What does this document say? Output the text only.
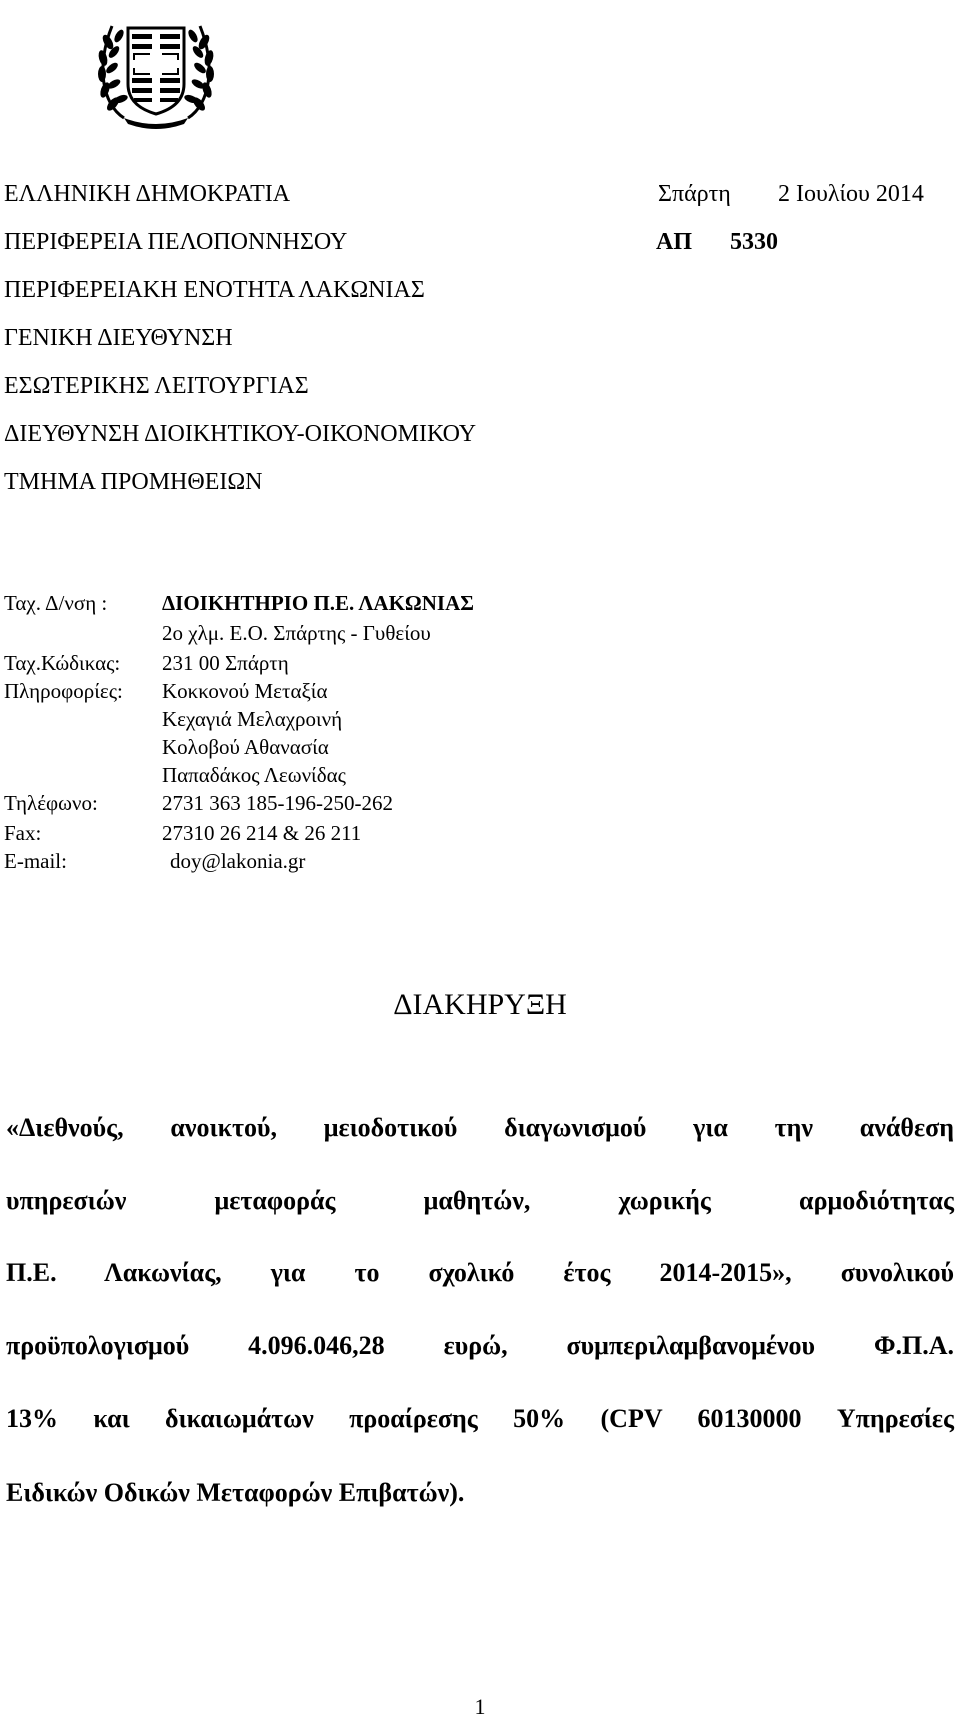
ΕΛΛΗΝΙΚΗ ΔΗΜΟΚΡΑΤΙΑ
ΠΕΡΙΦΕΡΕΙΑ ΠΕΛΟΠΟΝΝΗΣΟΥ
ΠΕΡΙΦΕΡΕΙΑΚΗ ΕΝΟΤΗΤΑ ΛΑΚΩΝΙΑΣ
ΓΕΝΙΚΗ ΔΙΕΥΘΥΝΣΗ
ΕΣΩΤΕΡΙΚΗΣ ΛΕΙΤΟΥΡΓΙΑΣ
ΔΙΕΥΘΥΝΣΗ ΔΙΟΙΚΗΤΙΚΟΥ-ΟΙΚΟΝΟΜΙΚΟΥ
ΤΜΗΜΑ ΠΡΟΜΗΘΕΙΩΝ
Σπάρτη 2 Ιουλίου 2014
ΑΠ 5330
Ταχ. Δ/νση :	ΔΙΟΙΚΗΤΗΡΙΟ Π.Ε. ΛΑΚΩΝΙΑΣ
2ο χλμ. Ε.Ο. Σπάρτης - Γυθείου
Ταχ.Κώδικας: 231 00 Σπάρτη
Πληροφορίες: Κοκκονού Μεταξία
Κεχαγιά Μελαχροινή
Κολοβού Αθανασία
Παπαδάκος Λεωνίδας
Τηλέφωνο:	2731 363 185-196-250-262
Fax:	27310 26 214 & 26 211
E-mail:	doy@lakonia.gr
ΔΙΑΚΗΡΥΞΗ
«Διεθνούς, ανοικτού, μειοδοτικού διαγωνισμού για την ανάθεση
υπηρεσιών μεταφοράς μαθητών, χωρικής αρμοδιότητας
Π.Ε. Λακωνίας, για το σχολικό έτος 2014-2015», συνολικού
προϋπολογισμού 4.096.046,28 ευρώ, συμπεριλαμβανομένου Φ.Π.Α.
13% και δικαιωμάτων προαίρεσης 50% (CPV 60130000 Υπηρεσίες
Ειδικών Οδικών Μεταφορών Επιβατών).
1
